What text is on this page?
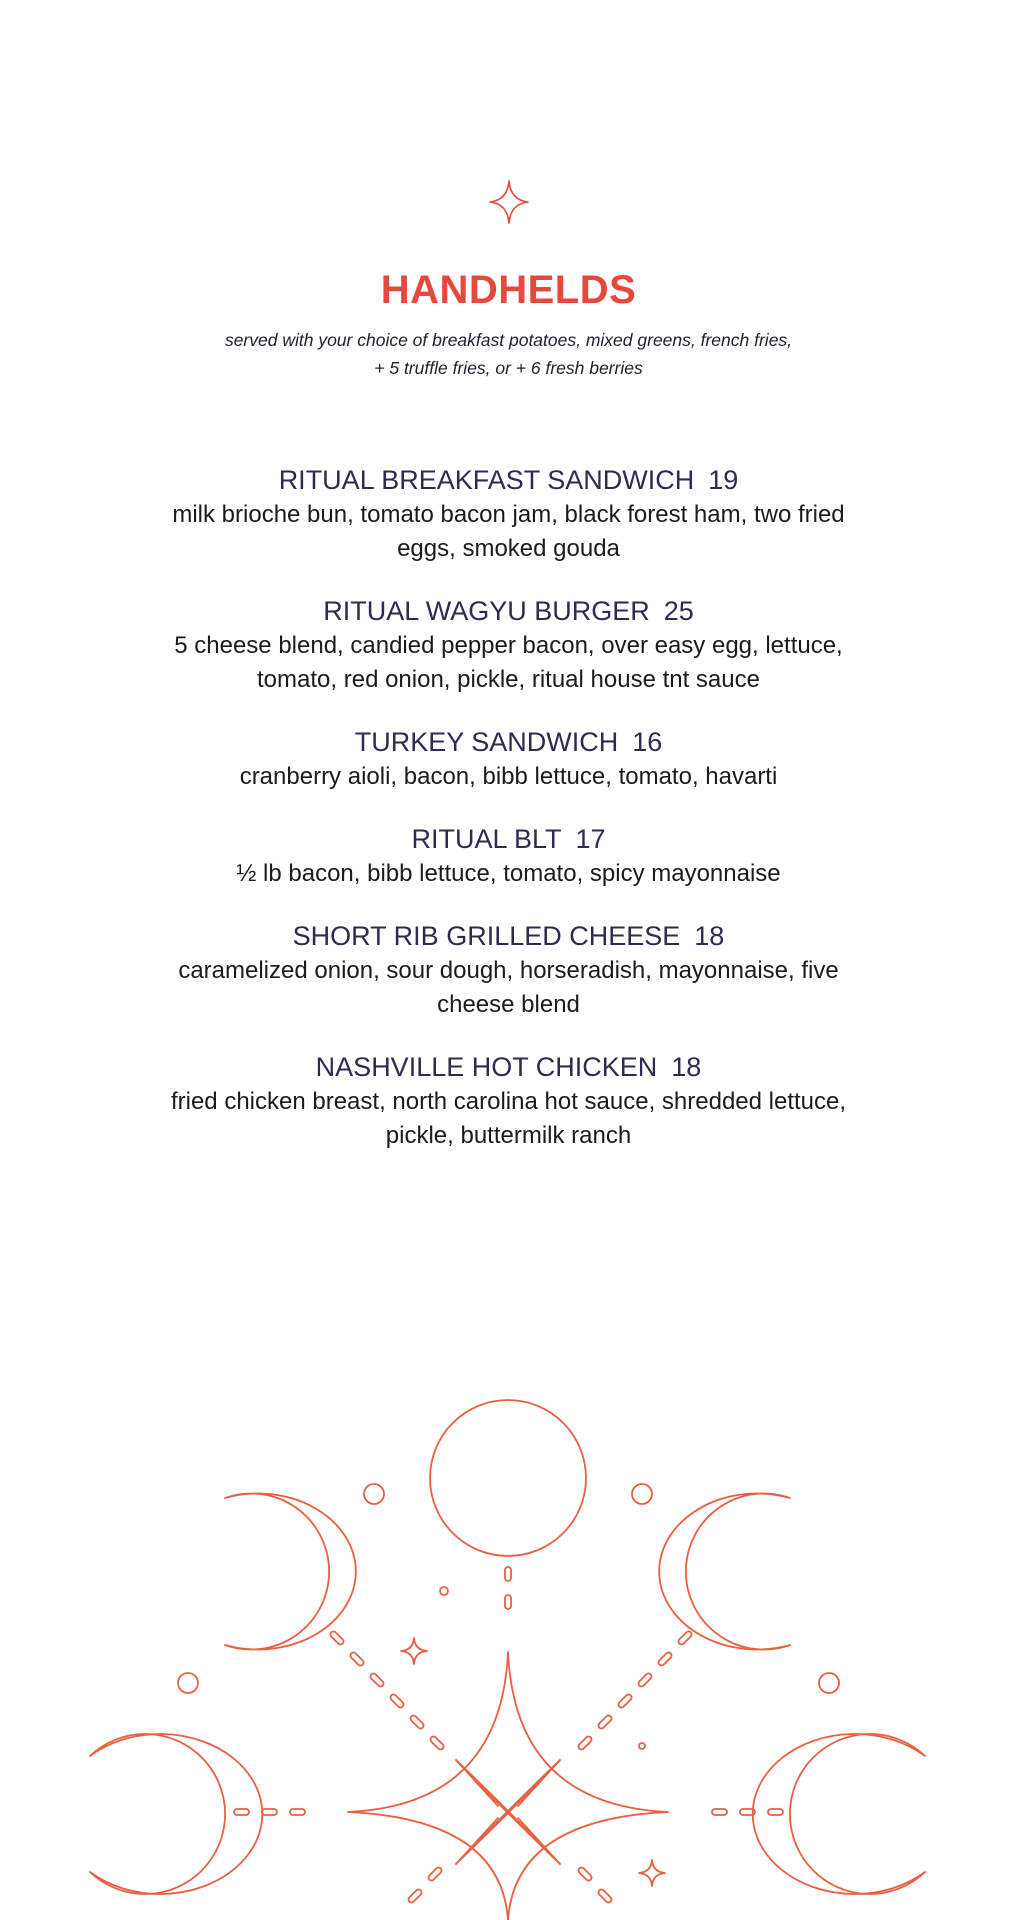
HANDHELDS

served with your choice of breakfast potatoes, mixed greens, french fries,
+ 5 truffle fries, or + 6 fresh berries

RITUAL BREAKFAST SANDWICH 19

milk brioche bun, tomato bacon jam, black forest ham, two fried eggs, smoked gouda

RITUAL WAGYU BURGER 25

5 cheese blend, candied pepper bacon, over easy egg, lettuce, tomato, red onion, pickle, ritual house tnt sauce

TURKEY SANDWICH 16

cranberry aioli, bacon, bibb lettuce, tomato, havarti

RITUAL BLT 17

½ lb bacon, bibb lettuce, tomato, spicy mayonnaise

SHORT RIB GRILLED CHEESE 18

caramelized onion, sour dough, horseradish, mayonnaise, five cheese blend

NASHVILLE HOT CHICKEN 18

fried chicken breast, north carolina hot sauce, shredded lettuce, pickle, buttermilk ranch
